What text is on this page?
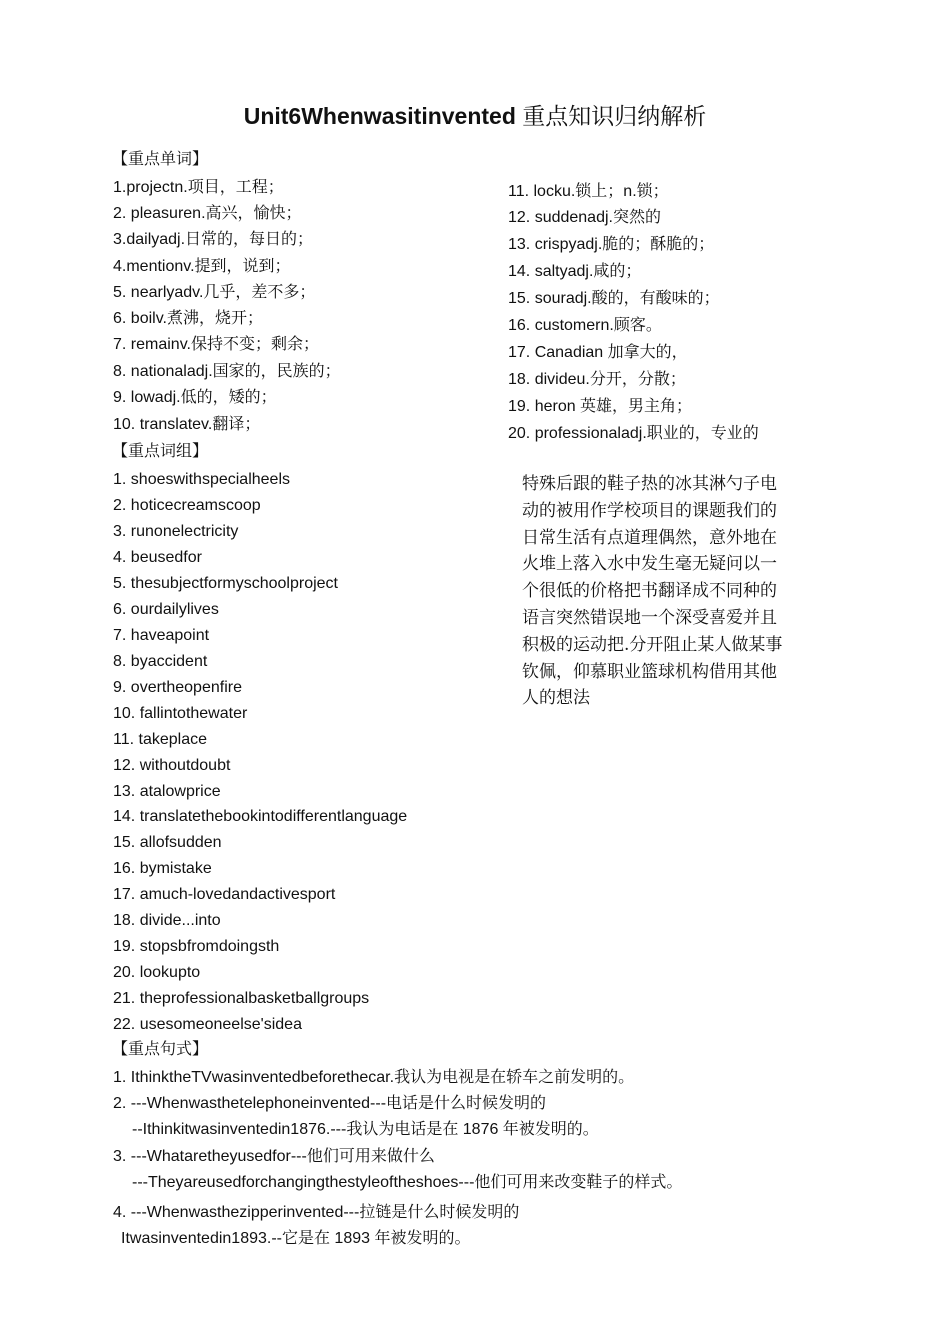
Unit6Whenwasitinvented 重点知识归纳解析
【重点单词】
1.projectn.项目，工程；
2. pleasuren.高兴，愉快；
3.dailyadj.日常的，每日的；
4.mentionv.提到，说到；
5. nearlyadv.几乎，差不多；
6. boilv.煮沸，烧开；
7. remainv.保持不变；剩余；
8. nationaladj.国家的，民族的；
9. lowadj.低的，矮的；
10. translatev.翻译；
11. locku.锁上；n.锁；
12. suddenadj.突然的
13. crispyadj.脆的；酥脆的；
14. saltyadj.咸的；
15. souradj.酸的，有酸味的；
16. customern.顾客。
17. Canadian 加拿大的，
18. divideu.分开，分散；
19. heron 英雄，男主角；
20. professionaladj.职业的，专业的
【重点词组】
1. shoeswithspecialheels
2. hoticecreamscoop
3. runonelectricity
4. beusedfor
5. thesubjectformyschoolproject
6. ourdailylives
7. haveapoint
8. byaccident
9. overtheopenfire
10. fallintothewater
11. takeplace
12. withoutdoubt
13. atalowprice
14. translatethebookintodifferentlanguage
15. allofsudden
16. bymistake
17. amuch-lovedandactivesport
18. divide...into
19. stopsbfromdoingsth
20. lookupto
21. theprofessionalbasketballgroups
22. usesomeoneelse'sidea
特殊后跟的鞋子热的冰其淋勺子电动的被用作学校项目的课题我们的日常生活有点道理偶然，意外地在火堆上落入水中发生毫无疑问以一个很低的价格把书翻译成不同种的语言突然错误地一个深受喜爱并且积极的运动把.分开阻止某人做某事钦佩，仰慕职业篮球机构借用其他人的想法
【重点句式】
1. IthinktheTVwasinventedbeforethecar.我认为电视是在轿车之前发明的。
2. ---Whenwasthetelephoneinvented---电话是什么时候发明的
--Ithinkitwasinventedin1876.---我认为电话是在 1876 年被发明的。
3. ---Whataretheyusedfor---他们可用来做什么
---Theyareusedforchangingthestyleoftheshoes---他们可用来改变鞋子的样式。
4. ---Whenwasthezipperinvented---拉链是什么时候发明的
Itwasinventedin1893.--它是在 1893 年被发明的。
